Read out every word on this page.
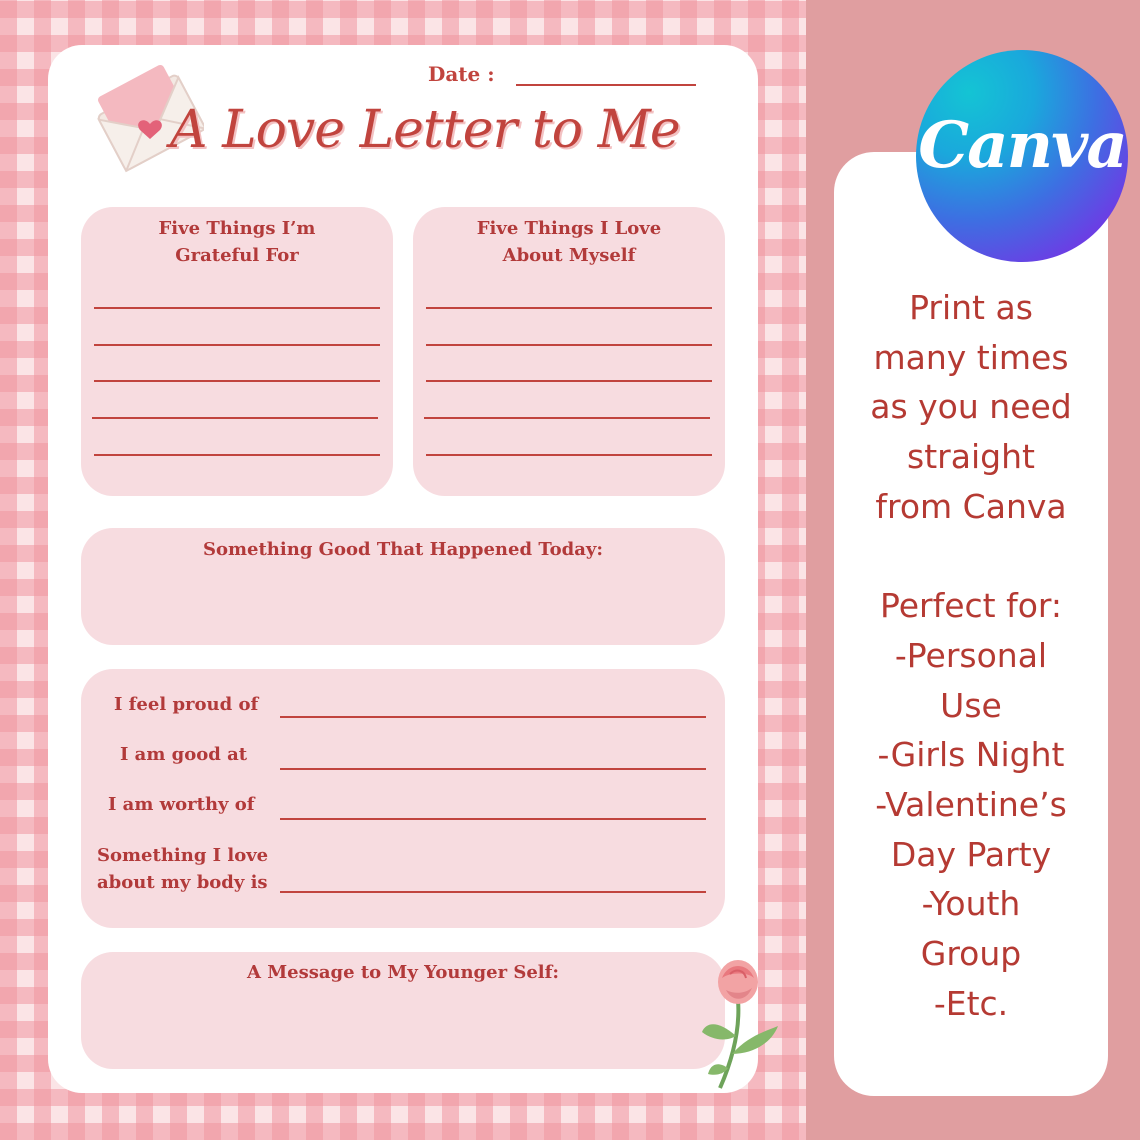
Date :
A Love Letter to Me
Five Things I’m
Grateful For
Five Things I Love
About Myself
Something Good That Happened Today:
I feel proud of
I am good at
I am worthy of
Something I love
about my body is
A Message to My Younger Self:
Canva
Print as
many times
as you need
straight
from Canva
Perfect for:
-Personal
Use
-Girls Night
-Valentine’s
Day Party
-Youth
Group
-Etc.
